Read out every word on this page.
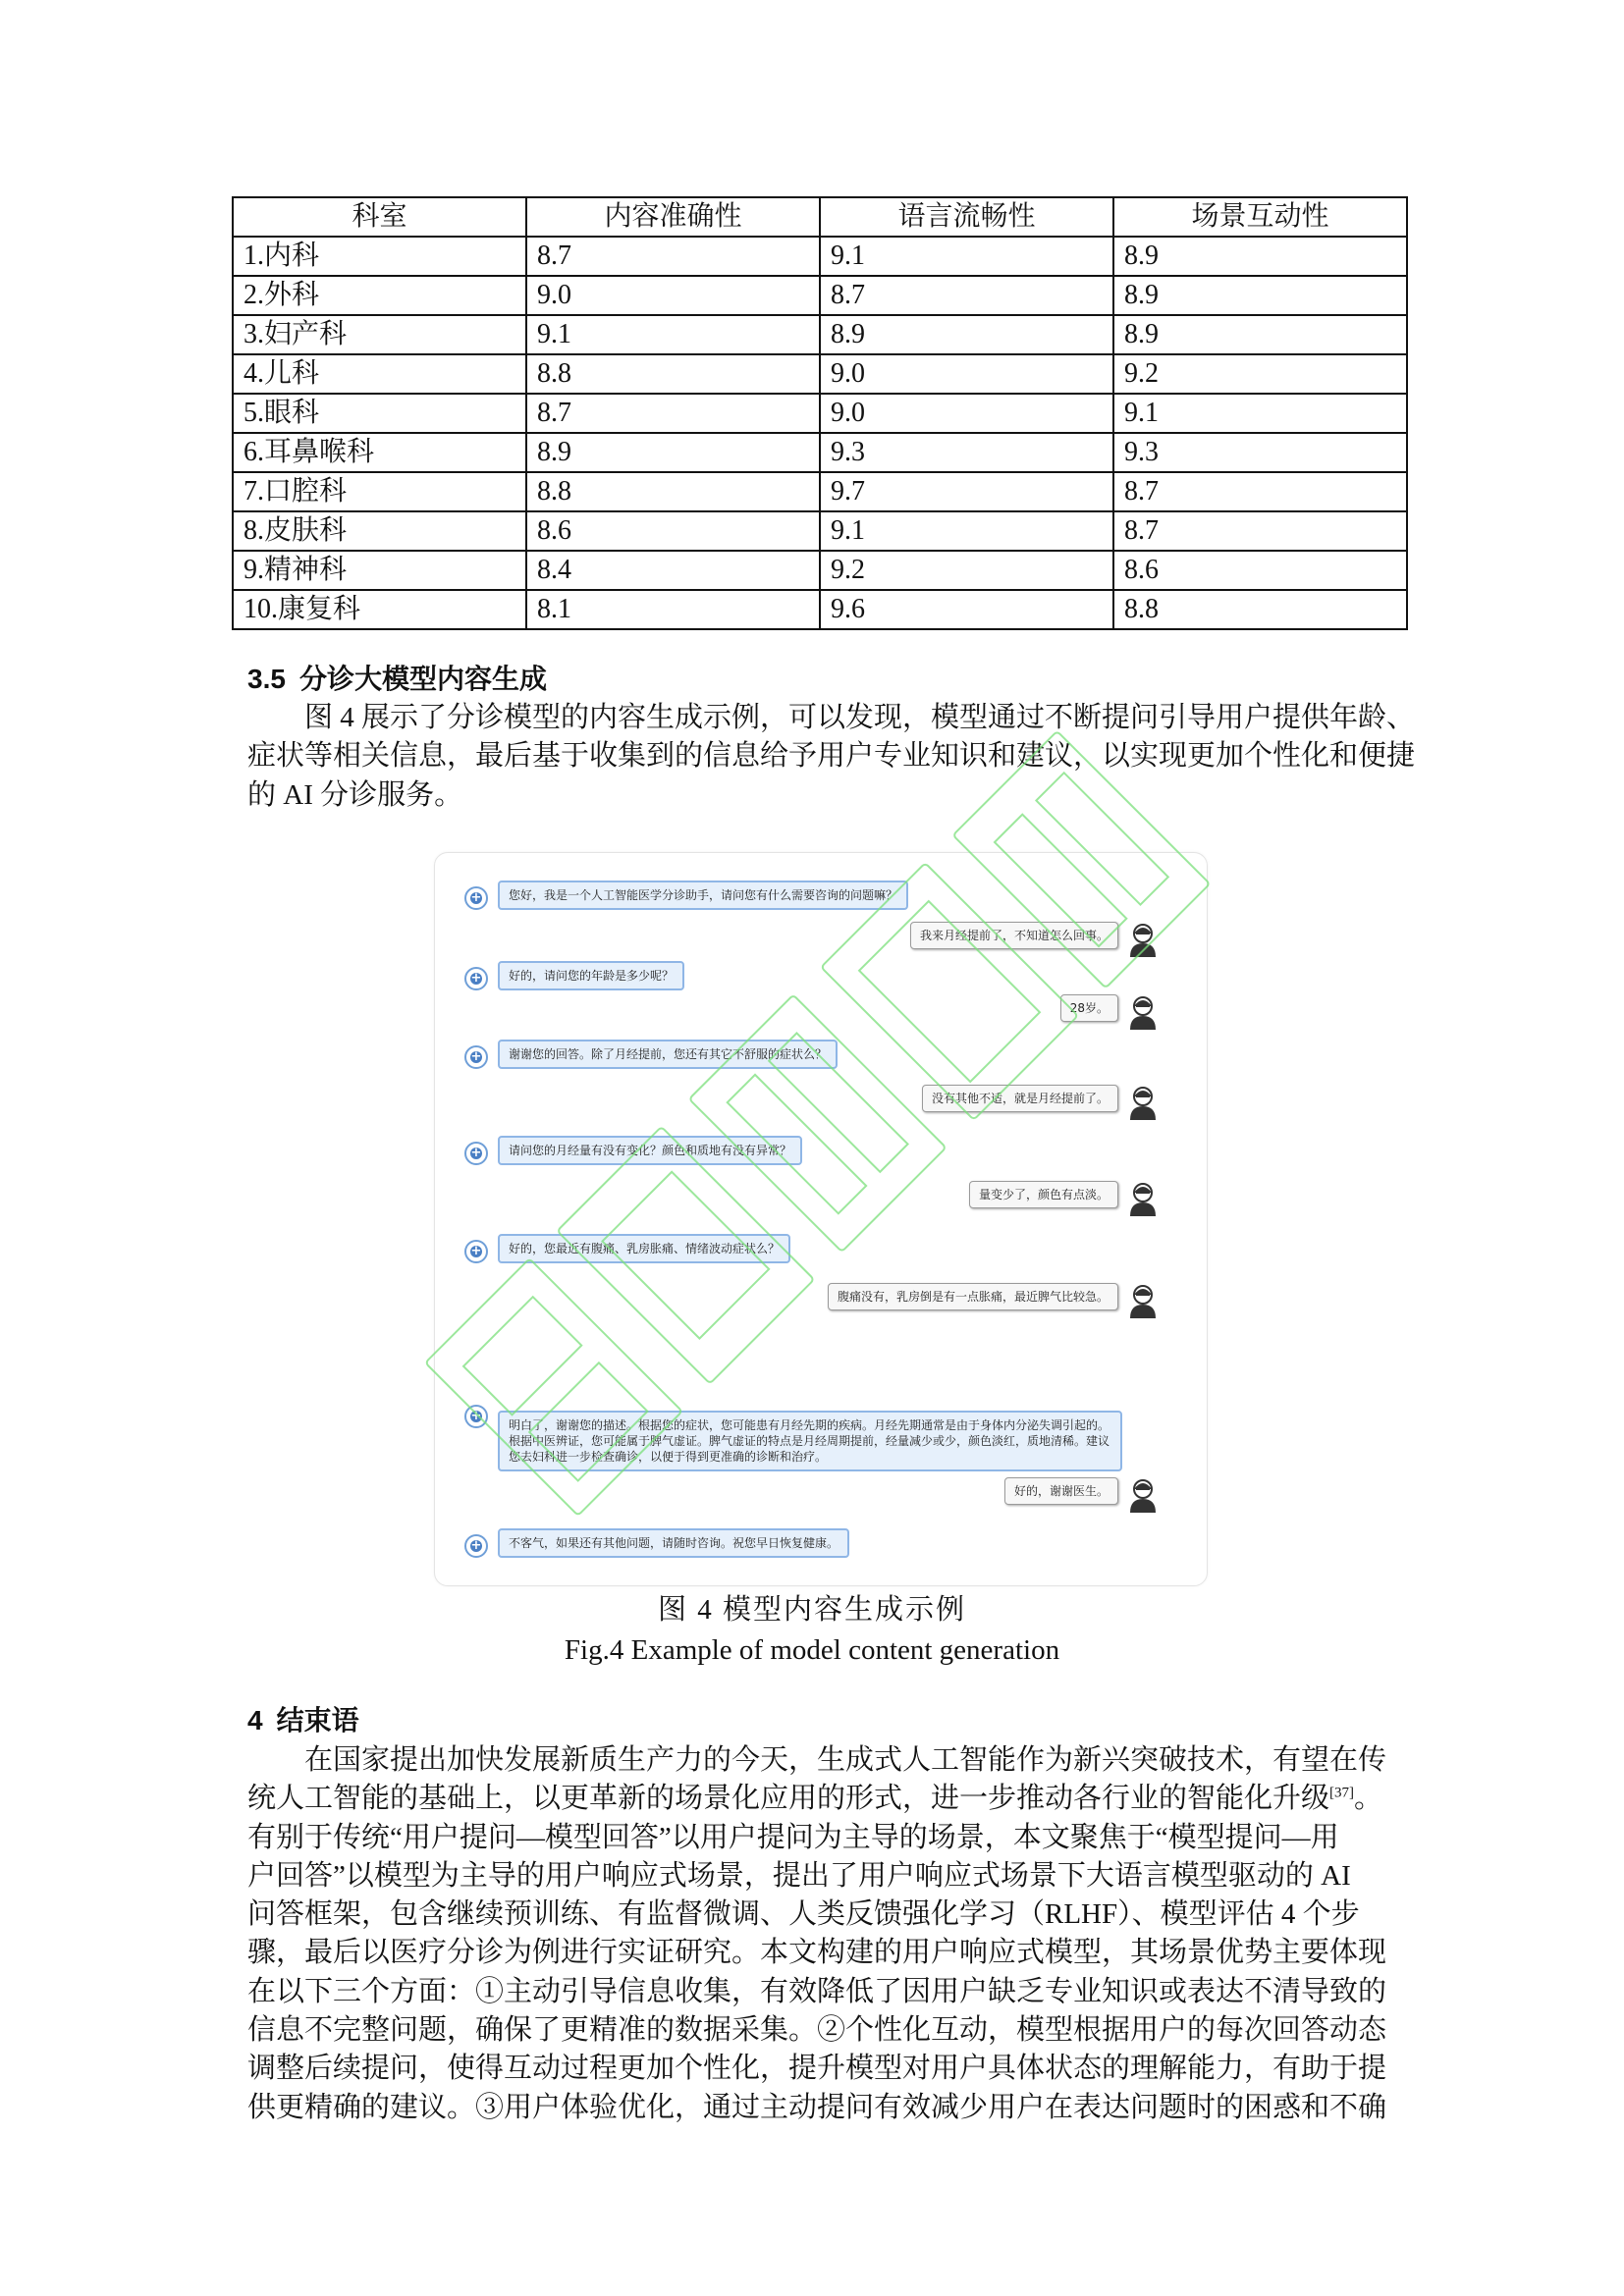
科室	内容准确性	语言流畅性	场景互动性
1.内科	8.7	9.1	8.9
2.外科	9.0	8.7	8.9
3.妇产科	9.1	8.9	8.9
4.儿科	8.8	9.0	9.2
5.眼科	8.7	9.0	9.1
6.耳鼻喉科	8.9	9.3	9.3
7.口腔科	8.8	9.7	8.7
8.皮肤科	8.6	9.1	8.7
9.精神科	8.4	9.2	8.6
10.康复科	8.1	9.6	8.8
3.5 分诊大模型内容生成
图 4 展示了分诊模型的内容生成示例，可以发现，模型通过不断提问引导用户提供年龄、
症状等相关信息，最后基于收集到的信息给予用户专业知识和建议，以实现更加个性化和便捷
的 AI 分诊服务。
+
您好，我是一个人工智能医学分诊助手，请问您有什么需要咨询的问题嘛？
我来月经提前了，不知道怎么回事。
+
好的，请问您的年龄是多少呢？
28岁。
+
谢谢您的回答。除了月经提前，您还有其它不舒服的症状么？
没有其他不适，就是月经提前了。
+
请问您的月经量有没有变化？颜色和质地有没有异常？
量变少了，颜色有点淡。
+
好的，您最近有腹痛、乳房胀痛、情绪波动症状么？
腹痛没有，乳房倒是有一点胀痛，最近脾气比较急。
+
明白了，谢谢您的描述。根据您的症状，您可能患有月经先期的疾病。月经先期通常是由于身体内分泌失调引起的。根据中医辨证，您可能属于脾气虚证。脾气虚证的特点是月经周期提前，经量减少或少，颜色淡红，质地清稀。建议您去妇科进一步检查确诊，以便于得到更准确的诊断和治疗。
好的，谢谢医生。
+
不客气，如果还有其他问题，请随时咨询。祝您早日恢复健康。
图 4 模型内容生成示例
Fig.4 Example of model content generation
4 结束语
在国家提出加快发展新质生产力的今天，生成式人工智能作为新兴突破技术，有望在传
统人工智能的基础上，以更革新的场景化应用的形式，进一步推动各行业的智能化升级[37]。
有别于传统“用户提问—模型回答”以用户提问为主导的场景，本文聚焦于“模型提问—用
户回答”以模型为主导的用户响应式场景，提出了用户响应式场景下大语言模型驱动的 AI
问答框架，包含继续预训练、有监督微调、人类反馈强化学习（RLHF）、模型评估 4 个步
骤，最后以医疗分诊为例进行实证研究。本文构建的用户响应式模型，其场景优势主要体现
在以下三个方面：①主动引导信息收集，有效降低了因用户缺乏专业知识或表达不清导致的
信息不完整问题，确保了更精准的数据采集。②个性化互动，模型根据用户的每次回答动态
调整后续提问，使得互动过程更加个性化，提升模型对用户具体状态的理解能力，有助于提
供更精确的建议。③用户体验优化，通过主动提问有效减少用户在表达问题时的困惑和不确
